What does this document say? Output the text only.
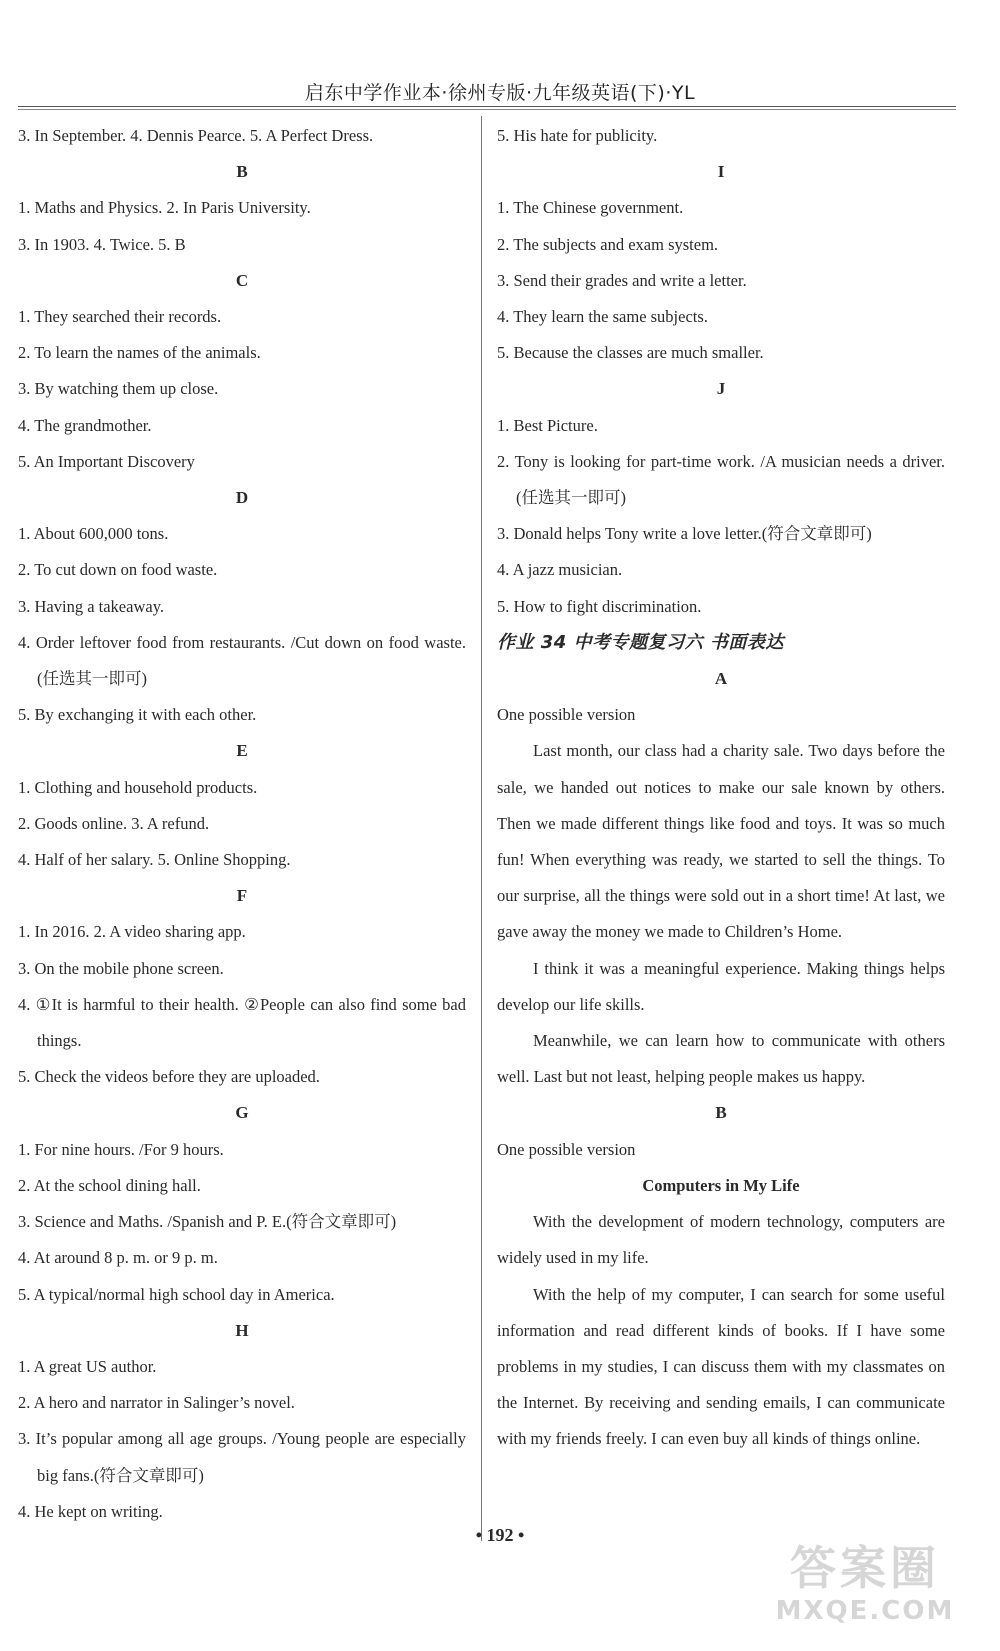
启东中学作业本·徐州专版·九年级英语(下)·YL
3. In September. 4. Dennis Pearce. 5. A Perfect Dress.
B
1. Maths and Physics. 2. In Paris University.
3. In 1903. 4. Twice. 5. B
C
1. They searched their records.
2. To learn the names of the animals.
3. By watching them up close.
4. The grandmother.
5. An Important Discovery
D
1. About 600,000 tons.
2. To cut down on food waste.
3. Having a takeaway.
4. Order leftover food from restaurants. /Cut down on food waste.(任选其一即可)
5. By exchanging it with each other.
E
1. Clothing and household products.
2. Goods online. 3. A refund.
4. Half of her salary. 5. Online Shopping.
F
1. In 2016. 2. A video sharing app.
3. On the mobile phone screen.
4. ①It is harmful to their health. ②People can also find some bad things.
5. Check the videos before they are uploaded.
G
1. For nine hours. /For 9 hours.
2. At the school dining hall.
3. Science and Maths. /Spanish and P. E.(符合文章即可)
4. At around 8 p. m. or 9 p. m.
5. A typical/normal high school day in America.
H
1. A great US author.
2. A hero and narrator in Salinger’s novel.
3. It’s popular among all age groups. /Young people are especially big fans.(符合文章即可)
4. He kept on writing.
5. His hate for publicity.
I
1. The Chinese government.
2. The subjects and exam system.
3. Send their grades and write a letter.
4. They learn the same subjects.
5. Because the classes are much smaller.
J
1. Best Picture.
2. Tony is looking for part-time work. /A musician needs a driver.(任选其一即可)
3. Donald helps Tony write a love letter.(符合文章即可)
4. A jazz musician.
5. How to fight discrimination.
作业 34 中考专题复习六 书面表达
A
One possible version
Last month, our class had a charity sale. Two days before the sale, we handed out notices to make our sale known by others. Then we made different things like food and toys. It was so much fun! When everything was ready, we started to sell the things. To our surprise, all the things were sold out in a short time! At last, we gave away the money we made to Children’s Home.
I think it was a meaningful experience. Making things helps develop our life skills.
Meanwhile, we can learn how to communicate with others well. Last but not least, helping people makes us happy.
B
One possible version
Computers in My Life
With the development of modern technology, computers are widely used in my life.
With the help of my computer, I can search for some useful information and read different kinds of books. If I have some problems in my studies, I can discuss them with my classmates on the Internet. By receiving and sending emails, I can communicate with my friends freely. I can even buy all kinds of things online.
• 192 •
答案圈
MXQE.COM
